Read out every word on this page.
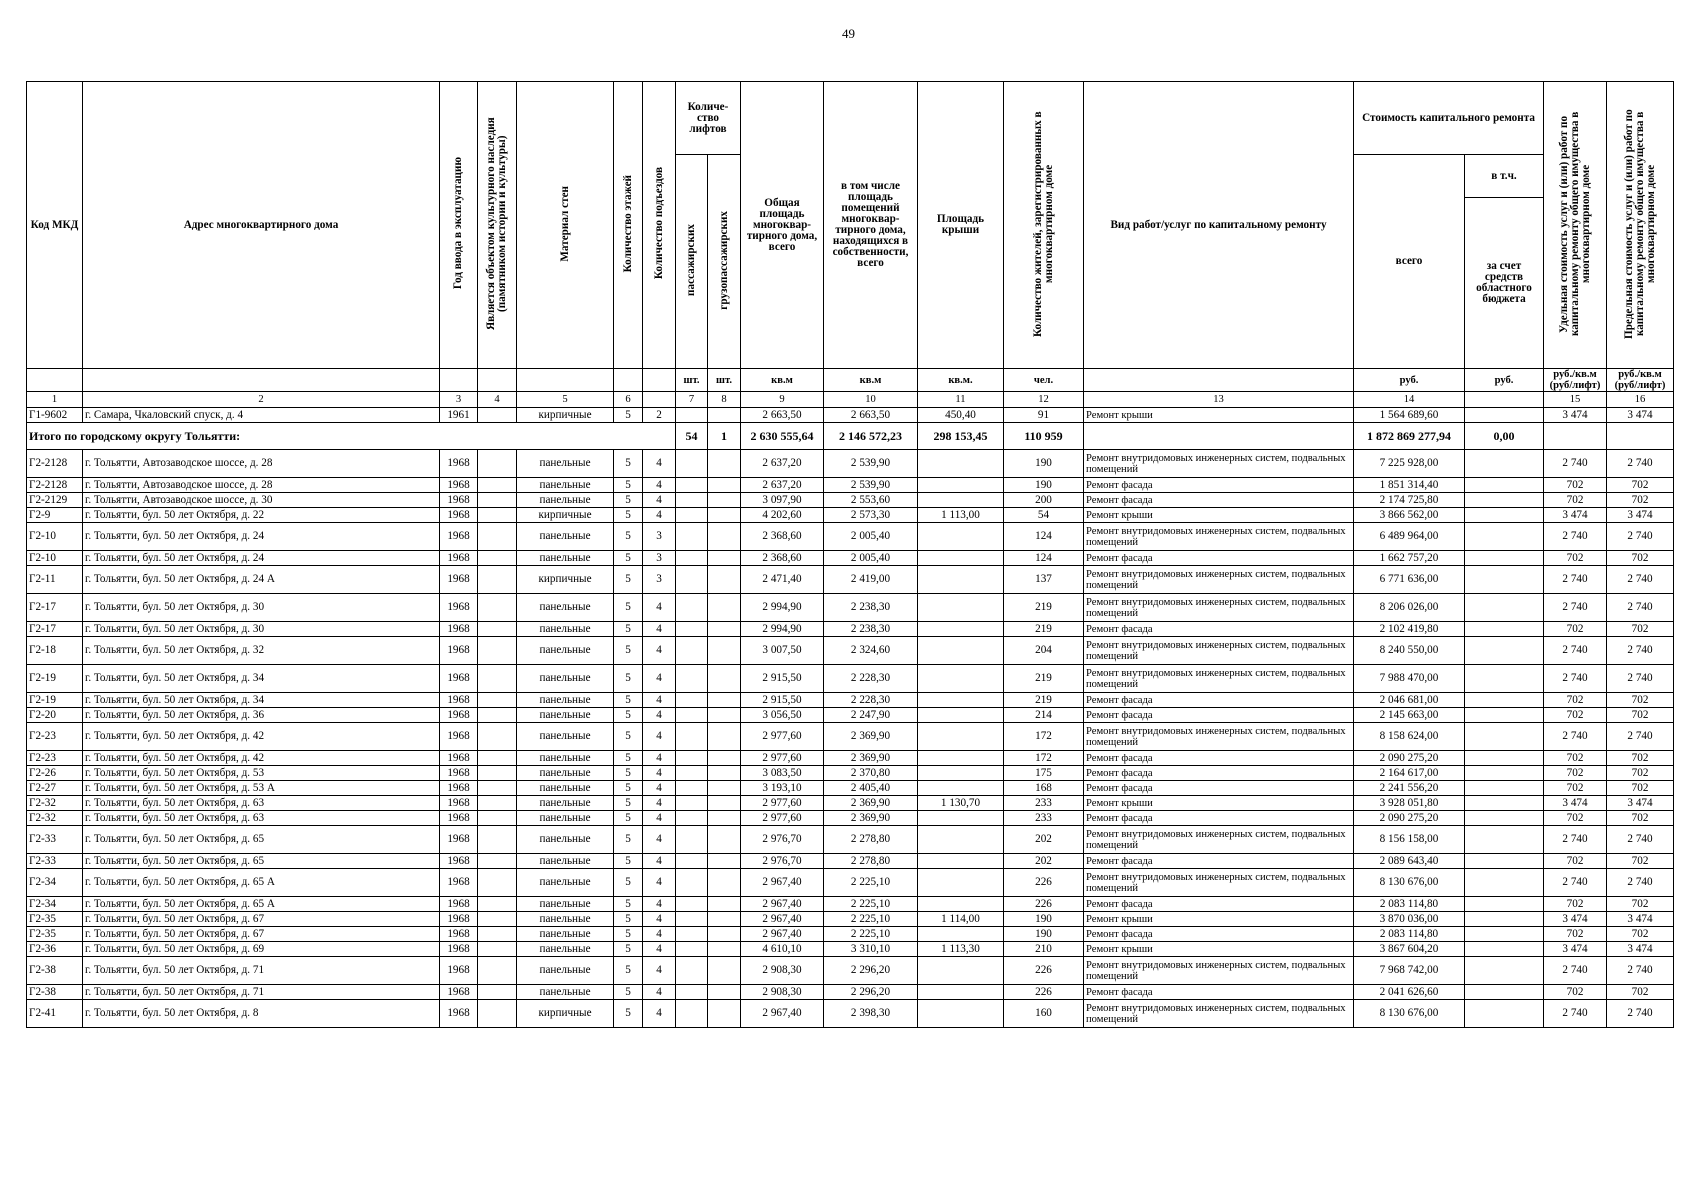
49
Код МКД	Адрес многоквартирного дома	Год ввода в эксплуатацию	Является объектом культурного наследия (памятником истории и культуры)	Материал стен	Количество этажей	Количество подъездов	Количе-ство лифтов		Общая площадь многоквар-тирного дома, всего	в том числе площадь помещений многоквар-тирного дома, находящихся в собственности, всего	Площадь крыши	Количество жителей, зарегистрированных в многоквартирном доме	Вид работ/услуг по капитальному ремонту	Стоимость капитального ремонта		Удельная стоимость услуг и (или) работ по капитальному ремонту общего имущества в многоквартирном доме	Предельная стоимость услуг и (или) работ по капитальному ремонту общего имущества в многоквартирном доме
							пассажирских	грузопассажирских						всего	в т.ч.		
															за счет средств областного бюджета		
							шт.	шт.	кв.м	кв.м	кв.м.	чел.		руб.	руб.	руб./кв.м (руб/лифт)	руб./кв.м (руб/лифт)
1	2	3	4	5	6		7	8	9	10	11	12	13	14		15	16
Г1-9602	г. Самара, Чкаловский спуск, д. 4	1961		кирпичные	5	2			2 663,50	2 663,50	450,40	91	Ремонт крыши	1 564 689,60		3 474	3 474
Итого по городскому округу Тольятти:							54	1	2 630 555,64	2 146 572,23	298 153,45	110 959		1 872 869 277,94	0,00		
Г2-2128	г. Тольятти, Автозаводское шоссе, д. 28	1968		панельные	5	4			2 637,20	2 539,90		190	Ремонт внутридомовых инженерных систем, подвальных помещений	7 225 928,00		2 740	2 740
Г2-2128	г. Тольятти, Автозаводское шоссе, д. 28	1968		панельные	5	4			2 637,20	2 539,90		190	Ремонт фасада	1 851 314,40		702	702
Г2-2129	г. Тольятти, Автозаводское шоссе, д. 30	1968		панельные	5	4			3 097,90	2 553,60		200	Ремонт фасада	2 174 725,80		702	702
Г2-9	г. Тольятти, бул. 50 лет Октября, д. 22	1968		кирпичные	5	4			4 202,60	2 573,30	1 113,00	54	Ремонт крыши	3 866 562,00		3 474	3 474
Г2-10	г. Тольятти, бул. 50 лет Октября, д. 24	1968		панельные	5	3			2 368,60	2 005,40		124	Ремонт внутридомовых инженерных систем, подвальных помещений	6 489 964,00		2 740	2 740
Г2-10	г. Тольятти, бул. 50 лет Октября, д. 24	1968		панельные	5	3			2 368,60	2 005,40		124	Ремонт фасада	1 662 757,20		702	702
Г2-11	г. Тольятти, бул. 50 лет Октября, д. 24 А	1968		кирпичные	5	3			2 471,40	2 419,00		137	Ремонт внутридомовых инженерных систем, подвальных помещений	6 771 636,00		2 740	2 740
Г2-17	г. Тольятти, бул. 50 лет Октября, д. 30	1968		панельные	5	4			2 994,90	2 238,30		219	Ремонт внутридомовых инженерных систем, подвальных помещений	8 206 026,00		2 740	2 740
Г2-17	г. Тольятти, бул. 50 лет Октября, д. 30	1968		панельные	5	4			2 994,90	2 238,30		219	Ремонт фасада	2 102 419,80		702	702
Г2-18	г. Тольятти, бул. 50 лет Октября, д. 32	1968		панельные	5	4			3 007,50	2 324,60		204	Ремонт внутридомовых инженерных систем, подвальных помещений	8 240 550,00		2 740	2 740
Г2-19	г. Тольятти, бул. 50 лет Октября, д. 34	1968		панельные	5	4			2 915,50	2 228,30		219	Ремонт внутридомовых инженерных систем, подвальных помещений	7 988 470,00		2 740	2 740
Г2-19	г. Тольятти, бул. 50 лет Октября, д. 34	1968		панельные	5	4			2 915,50	2 228,30		219	Ремонт фасада	2 046 681,00		702	702
Г2-20	г. Тольятти, бул. 50 лет Октября, д. 36	1968		панельные	5	4			3 056,50	2 247,90		214	Ремонт фасада	2 145 663,00		702	702
Г2-23	г. Тольятти, бул. 50 лет Октября, д. 42	1968		панельные	5	4			2 977,60	2 369,90		172	Ремонт внутридомовых инженерных систем, подвальных помещений	8 158 624,00		2 740	2 740
Г2-23	г. Тольятти, бул. 50 лет Октября, д. 42	1968		панельные	5	4			2 977,60	2 369,90		172	Ремонт фасада	2 090 275,20		702	702
Г2-26	г. Тольятти, бул. 50 лет Октября, д. 53	1968		панельные	5	4			3 083,50	2 370,80		175	Ремонт фасада	2 164 617,00		702	702
Г2-27	г. Тольятти, бул. 50 лет Октября, д. 53 А	1968		панельные	5	4			3 193,10	2 405,40		168	Ремонт фасада	2 241 556,20		702	702
Г2-32	г. Тольятти, бул. 50 лет Октября, д. 63	1968		панельные	5	4			2 977,60	2 369,90	1 130,70	233	Ремонт крыши	3 928 051,80		3 474	3 474
Г2-32	г. Тольятти, бул. 50 лет Октября, д. 63	1968		панельные	5	4			2 977,60	2 369,90		233	Ремонт фасада	2 090 275,20		702	702
Г2-33	г. Тольятти, бул. 50 лет Октября, д. 65	1968		панельные	5	4			2 976,70	2 278,80		202	Ремонт внутридомовых инженерных систем, подвальных помещений	8 156 158,00		2 740	2 740
Г2-33	г. Тольятти, бул. 50 лет Октября, д. 65	1968		панельные	5	4			2 976,70	2 278,80		202	Ремонт фасада	2 089 643,40		702	702
Г2-34	г. Тольятти, бул. 50 лет Октября, д. 65 А	1968		панельные	5	4			2 967,40	2 225,10		226	Ремонт внутридомовых инженерных систем, подвальных помещений	8 130 676,00		2 740	2 740
Г2-34	г. Тольятти, бул. 50 лет Октября, д. 65 А	1968		панельные	5	4			2 967,40	2 225,10		226	Ремонт фасада	2 083 114,80		702	702
Г2-35	г. Тольятти, бул. 50 лет Октября, д. 67	1968		панельные	5	4			2 967,40	2 225,10	1 114,00	190	Ремонт крыши	3 870 036,00		3 474	3 474
Г2-35	г. Тольятти, бул. 50 лет Октября, д. 67	1968		панельные	5	4			2 967,40	2 225,10		190	Ремонт фасада	2 083 114,80		702	702
Г2-36	г. Тольятти, бул. 50 лет Октября, д. 69	1968		панельные	5	4			4 610,10	3 310,10	1 113,30	210	Ремонт крыши	3 867 604,20		3 474	3 474
Г2-38	г. Тольятти, бул. 50 лет Октября, д. 71	1968		панельные	5	4			2 908,30	2 296,20		226	Ремонт внутридомовых инженерных систем, подвальных помещений	7 968 742,00		2 740	2 740
Г2-38	г. Тольятти, бул. 50 лет Октября, д. 71	1968		панельные	5	4			2 908,30	2 296,20		226	Ремонт фасада	2 041 626,60		702	702
Г2-41	г. Тольятти, бул. 50 лет Октября, д. 8	1968		кирпичные	5	4			2 967,40	2 398,30		160	Ремонт внутридомовых инженерных систем, подвальных помещений	8 130 676,00		2 740	2 740
